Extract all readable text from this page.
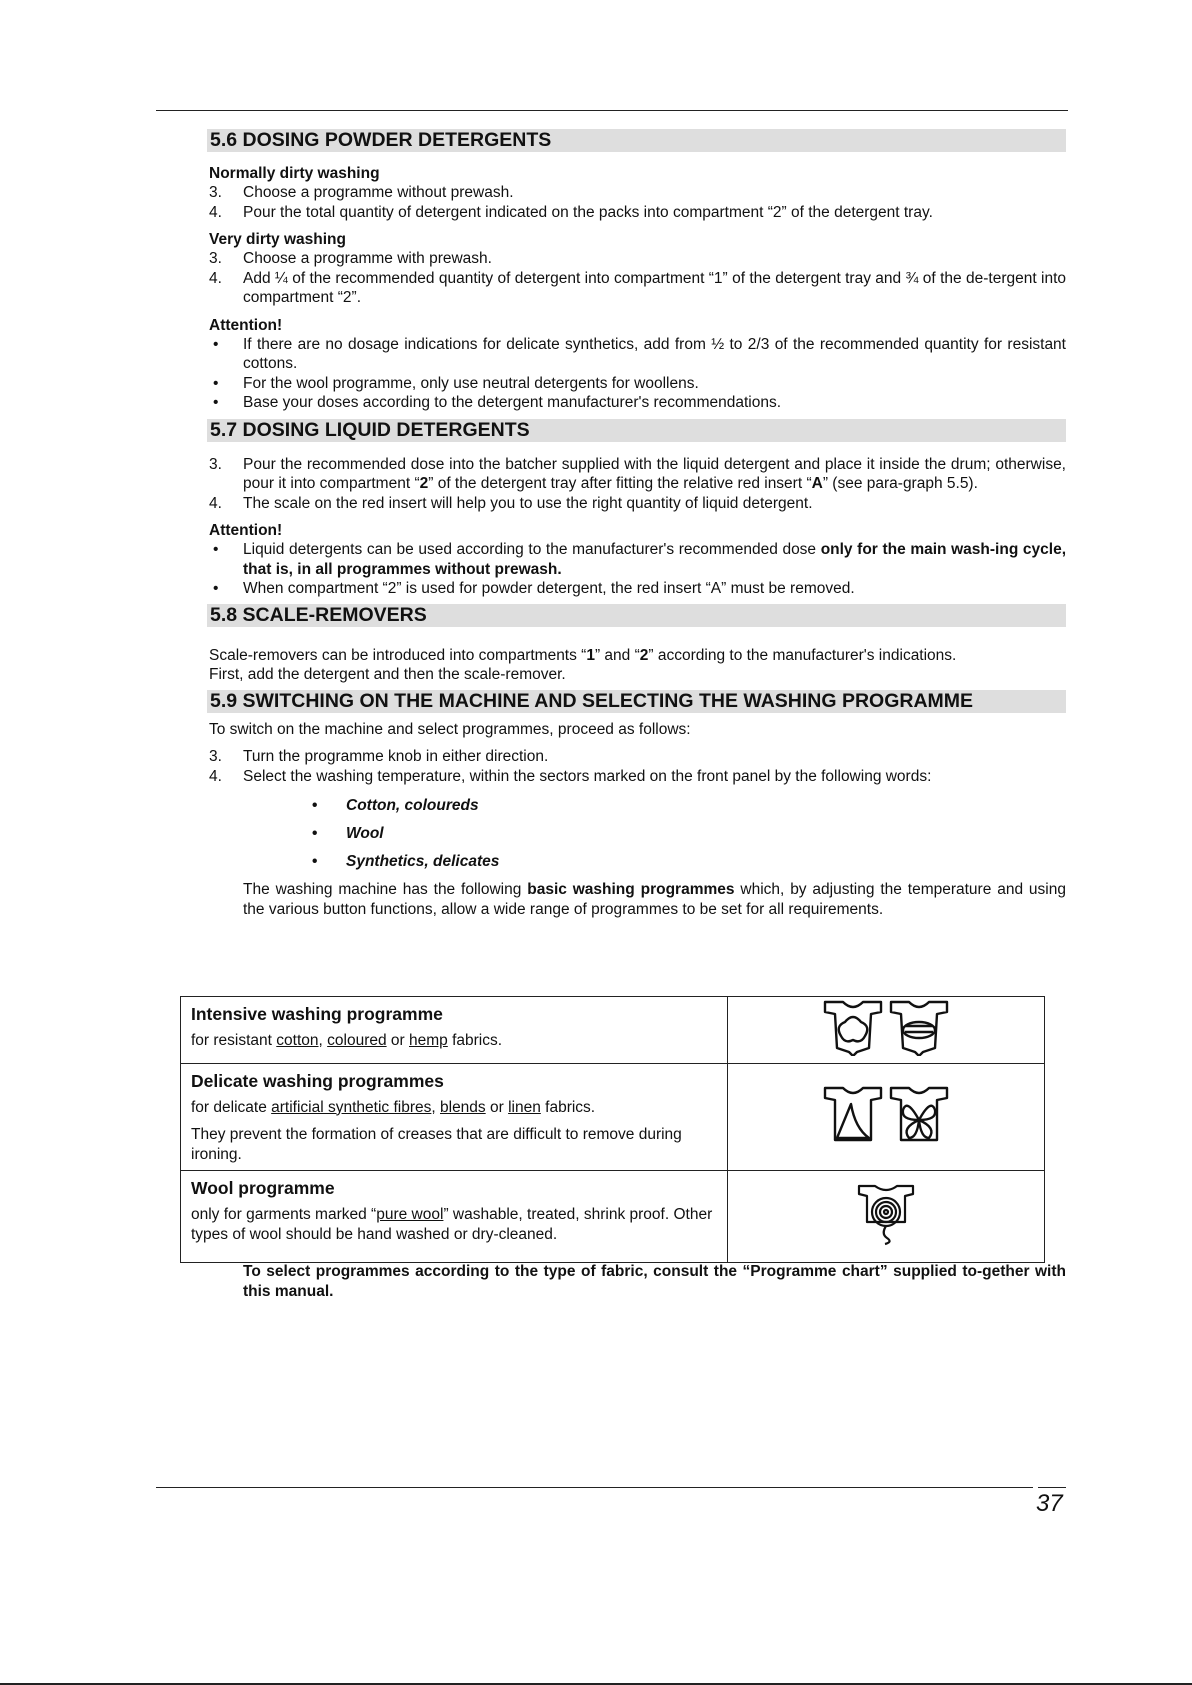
5.6 DOSING POWDER DETERGENTS
Normally dirty washing
3.	Choose a programme without prewash.
4.	Pour the total quantity of detergent indicated on the packs into compartment “2” of the detergent tray.
Very dirty washing
3.	Choose a programme with prewash.
4.	Add ¼ of the recommended quantity of detergent into compartment “1” of the detergent tray and ¾ of the de-tergent into compartment “2”.
Attention!
•	If there are no dosage indications for delicate synthetics, add from ½ to 2/3 of the recommended quantity for resistant cottons.
•	For the wool programme, only use neutral detergents for woollens.
•	Base your doses according to the detergent manufacturer's recommendations.
5.7 DOSING LIQUID DETERGENTS
3.	Pour the recommended dose into the batcher supplied with the liquid detergent and place it inside the drum; otherwise, pour it into compartment “2” of the detergent tray after fitting the relative red insert “A” (see para-graph 5.5).
4.	The scale on the red insert will help you to use the right quantity of liquid detergent.
Attention!
•	Liquid detergents can be used according to the manufacturer's recommended dose only for the main wash-ing cycle, that is, in all programmes without prewash.
•	When compartment “2” is used for powder detergent, the red insert “A” must be removed.
5.8 SCALE-REMOVERS
Scale-removers can be introduced into compartments “1” and “2” according to the manufacturer's indications.
First, add the detergent and then the scale-remover.
5.9 SWITCHING ON THE MACHINE AND SELECTING THE WASHING PROGRAMME
To switch on the machine and select programmes, proceed as follows:
3.	Turn the programme knob in either direction.
4.	Select the washing temperature, within the sectors marked on the front panel by the following words:
•	Cotton, coloureds
•	Wool
•	Synthetics, delicates
The washing machine has the following basic washing programmes which, by adjusting the temperature and using the various button functions, allow a wide range of programmes to be set for all requirements.
Intensive washing programme
for resistant cotton, coloured or hemp fabrics.

Delicate washing programmes
for delicate artificial synthetic fibres, blends or linen fabrics.
They prevent the formation of creases that are difficult to remove during ironing.

Wool programme
only for garments marked “pure wool” washable, treated, shrink proof. Other types of wool should be hand washed or dry-cleaned.

To select programmes according to the type of fabric, consult the “Programme chart” supplied to-gether with this manual.
37
